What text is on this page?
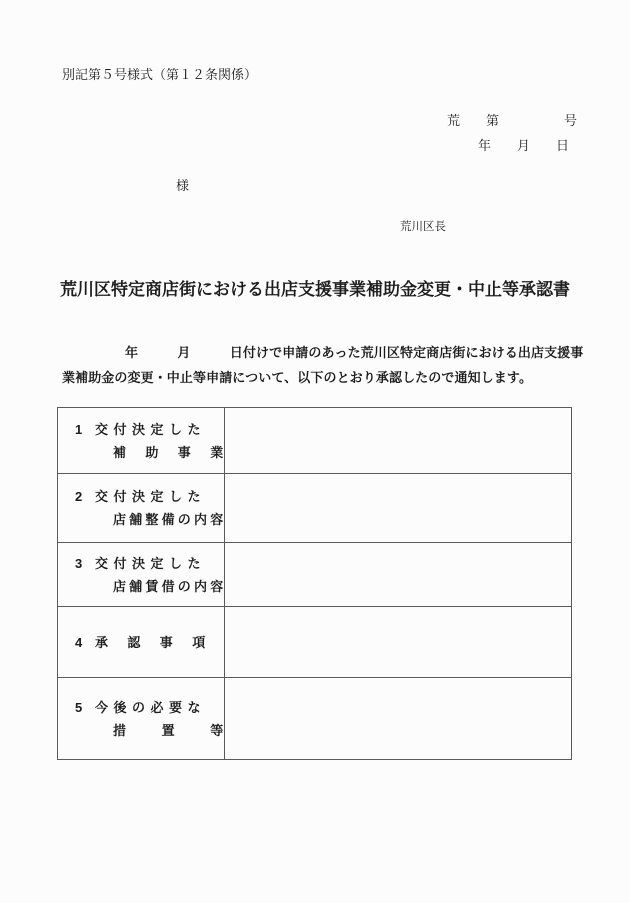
別記第５号様式（第１２条関係）
荒　　第　　　　　号
年　　月　　日
様
荒川区長
荒川区特定商店街における出店支援事業補助金変更・中止等承認書

年　　　月　　　日付けで申請のあった荒川区特定商店街における出店支援事

業補助金の変更・中止等申請について、以下のとおり承認したので通知します。

1 交付決定した
補　助　事　業
2 交付決定した
店舗整備の内容
3 交付決定した
店舗賃借の内容
4 承　認　事　項
5 今後の必要な
措　　置　　等
